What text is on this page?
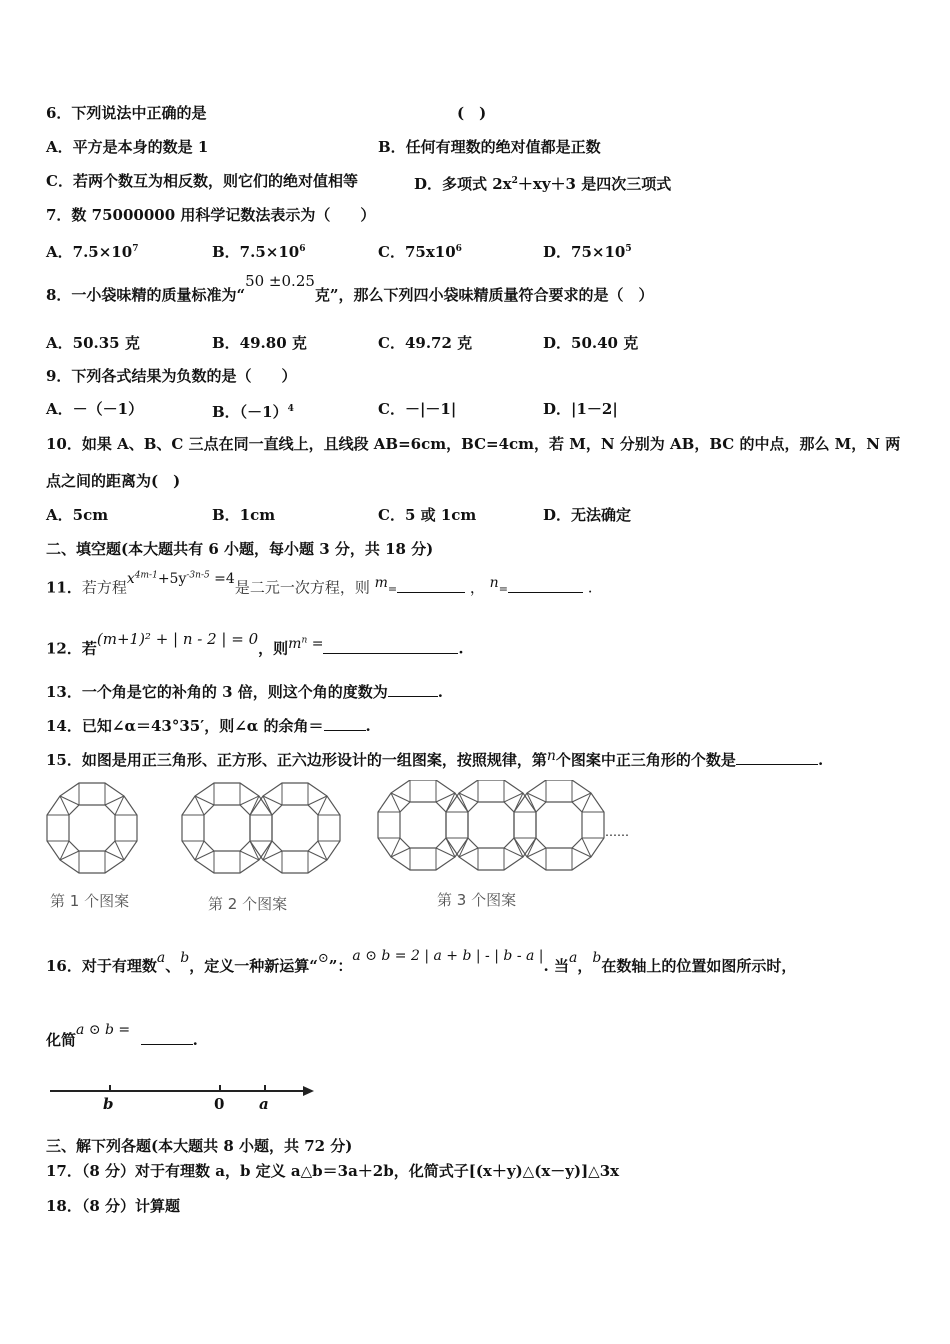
6．下列说法中正确的是	(　)
A．平方是本身的数是 1	B．任何有理数的绝对值都是正数
C．若两个数互为相反数，则它们的绝对值相等	D．多项式 $2x^2+xy+3$ 是四次三项式
7．数 75000000 用科学记数法表示为（　　）
A．$7.5\times 10^7$	B．$7.5\times 10^6$	C．$75x10^6$	D．$75\times 10^5$
8．一小袋味精的质量标准为“50 ±0.25克”，那么下列四小袋味精质量符合要求的是（　）
A．50.35 克	B．49.80 克	C．49.72 克	D．50.40 克
9．下列各式结果为负数的是（　　）
A．－（－1）	B．$(-1)^4$	C．－|－1|	D．|1－2|
10．如果 A、B、C 三点在同一直线上，且线段 AB=6cm，BC=4cm，若 M，N 分别为 AB，BC 的中点，那么 M，N 两
点之间的距离为(　)
A．5cm	B．1cm	C．5 或 1cm	D．无法确定
二、填空题(本大题共有 6 小题，每小题 3 分，共 18 分)
11．若方程$x^{4m-1}+5y^{-3n-5} =4$是二元一次方程，则 m=	， n=	.
12．若(m+1)² + | n - 2 | = 0，则$m^n$ =	.
13．一个角是它的补角的 3 倍，则这个角的度数为	.
14．已知∠α＝43°35′，则∠α 的余角＝	.
15．如图是用正三角形、正方形、正六边形设计的一组图案，按照规律，第n个图案中正三角形的个数是	.
……
第 1 个图案	第 2 个图案	第 3 个图案
16．对于有理数a、b，定义一种新运算“⊙”：a ⊙ b = 2 | a + b | - | b - a |. 当a，b在数轴上的位置如图所示时，
化简a ⊙ b =  .
b	0 a
三、解下列各题(本大题共 8 小题，共 72 分)
17．（8 分）对于有理数 a，b 定义 a△b＝3a＋2b，化简式子[(x＋y)△(x－y)]△3x
18．（8 分）计算题
